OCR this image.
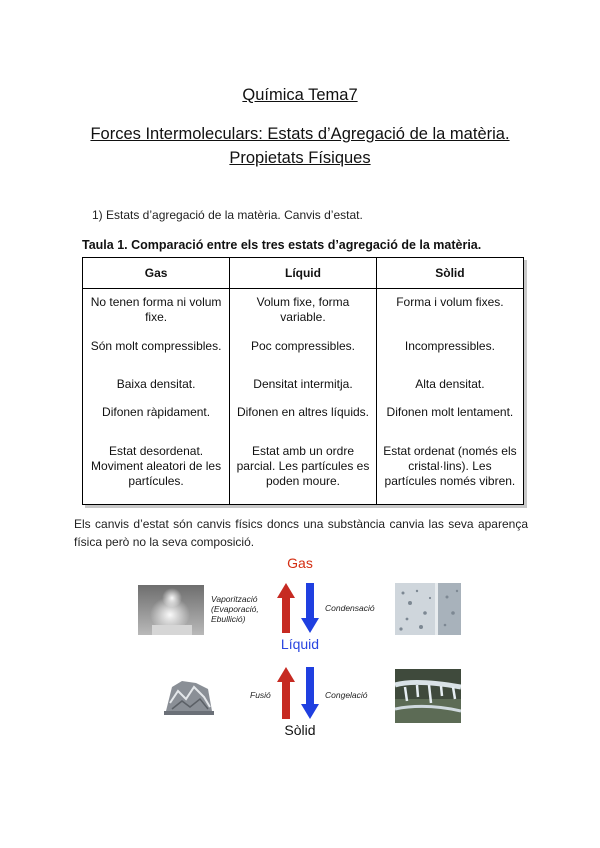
Química Tema7
Forces Intermoleculars: Estats d’Agregació de la matèria. Propietats Físiques
1) Estats d’agregació de la matèria. Canvis d’estat.
Taula 1. Comparació entre els tres estats d’agregació de la matèria.
Gas	Líquid	Sòlid
No tenen forma ni volum fixe.	Volum fixe, forma variable.	Forma i volum fixes.
Són molt compressibles.	Poc compressibles.	Incompressibles.
Baixa densitat.	Densitat intermitja.	Alta densitat.
Difonen ràpidament.	Difonen en altres líquids.	Difonen molt lentament.
Estat desordenat. Moviment aleatori de les partícules.	Estat amb un ordre parcial. Les partícules es poden moure.	Estat ordenat (només els cristal·lins). Les partícules només vibren.
Els canvis d’estat són canvis físics doncs una substància canvia las seva aparença física però no la seva composició.
Gas
Líquid
Sòlid
Vaporització
(Evaporació,
Ebullició)
Condensació
Fusió	Congelació
